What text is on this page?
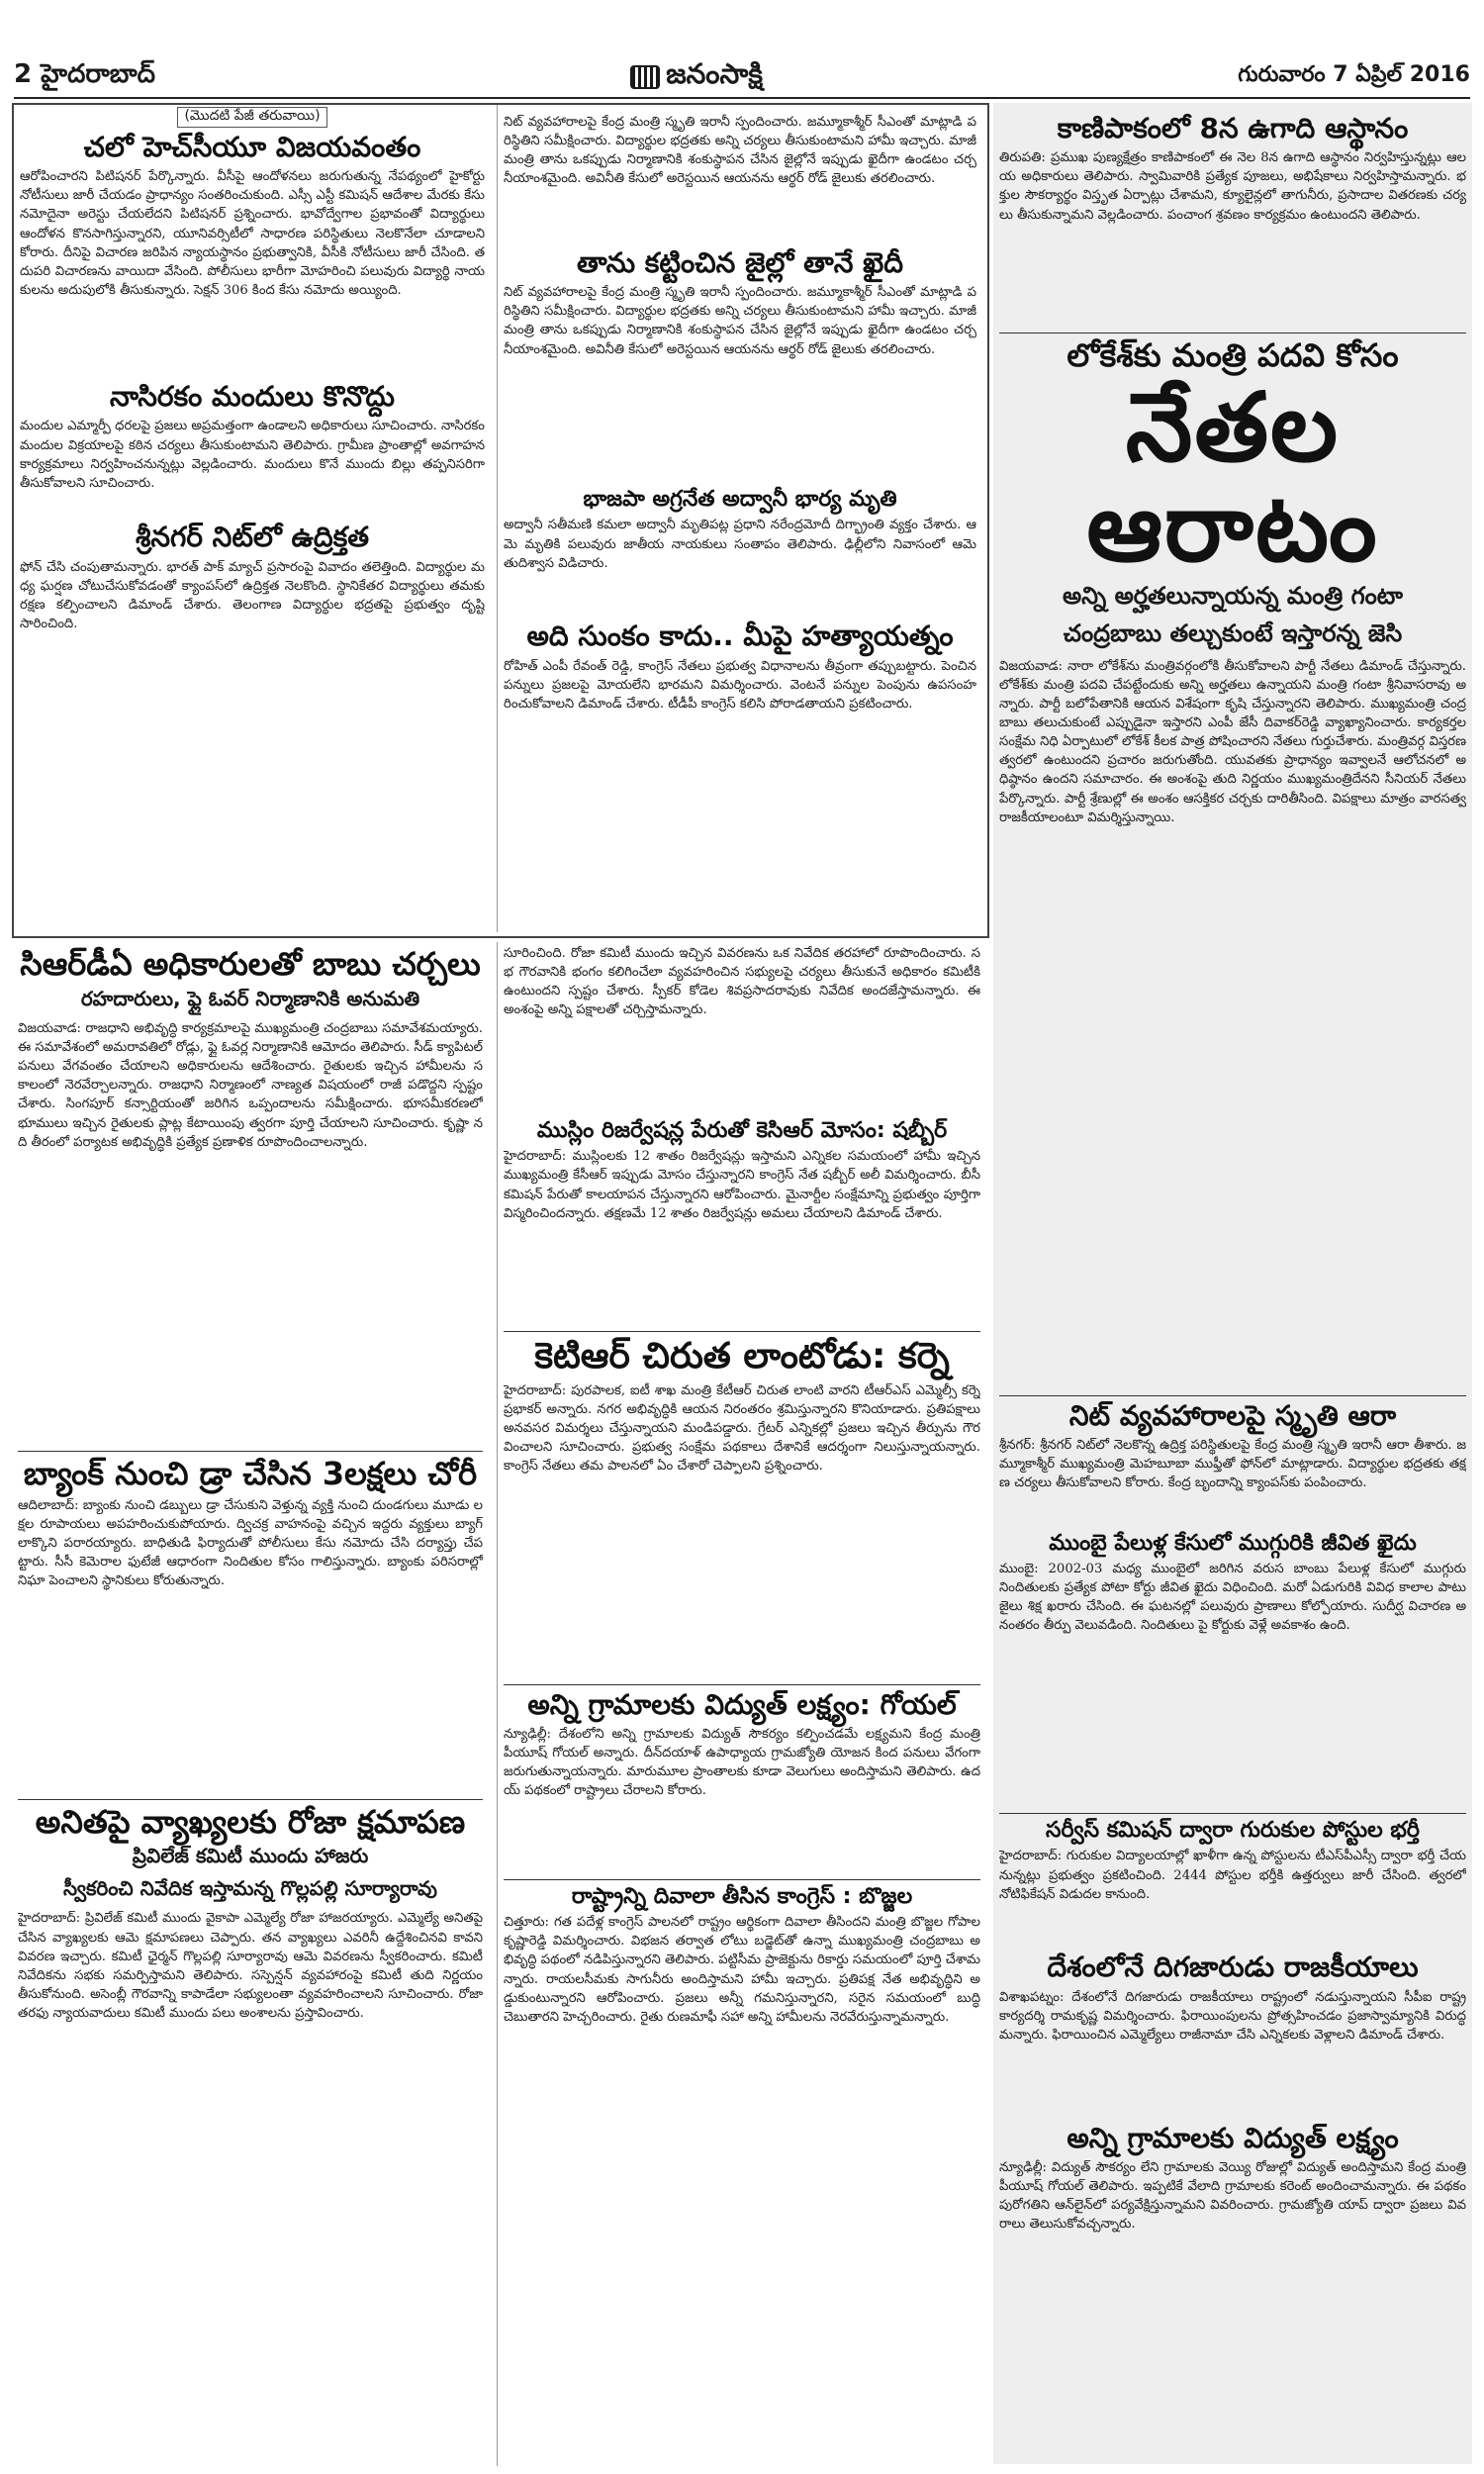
2 హైదరాబాద్	జనంసాక్షి	గురువారం 7 ఏప్రిల్ 2016
(మొదటి పేజీ తరువాయి)
చలో హెచ్‌సీయూ విజయవంతం
ఆరోపించారని పిటిషనర్‌ పేర్కొన్నారు. వీసీపై ఆందోళనలు జరుగుతున్న నేపథ్యంలో హైకోర్టు నోటీసులు జారీ చేయడం ప్రాధాన్యం సంతరించుకుంది. ఎస్సీ ఎస్టీ కమిషన్‌ ఆదేశాల మేరకు కేసు నమోదైనా అరెస్టు చేయలేదని పిటిషనర్‌ ప్రశ్నించారు. భావోద్వేగాల ప్రభావంతో విద్యార్థులు ఆందోళన కొనసాగిస్తున్నారని, యూనివర్సిటీలో సాధారణ పరిస్థితులు నెలకొనేలా చూడాలని కోరారు. దీనిపై విచారణ జరిపిన న్యాయస్థానం ప్రభుత్వానికి, వీసీకి నోటీసులు జారీ చేసింది. తదుపరి విచారణను వాయిదా వేసింది. పోలీసులు భారీగా మోహరించి పలువురు విద్యార్థి నాయకులను అదుపులోకి తీసుకున్నారు. సెక్షన్‌ 306 కింద కేసు నమోదు అయ్యింది.
నాసిరకం మందులు కొనొద్దు
మందుల ఎమ్మార్పీ ధరలపై ప్రజలు అప్రమత్తంగా ఉండాలని అధికారులు సూచించారు. నాసిరకం మందుల విక్రయాలపై కఠిన చర్యలు తీసుకుంటామని తెలిపారు. గ్రామీణ ప్రాంతాల్లో అవగాహన కార్యక్రమాలు నిర్వహించనున్నట్లు వెల్లడించారు. మందులు కొనే ముందు బిల్లు తప్పనిసరిగా తీసుకోవాలని సూచించారు.
శ్రీనగర్‌ నిట్‌లో ఉద్రిక్తత
ఫోన్‌ చేసి చంపుతామన్నారు. భారత్‌ పాక్‌ మ్యాచ్‌ ప్రసారంపై వివాదం తలెత్తింది. విద్యార్థుల మధ్య ఘర్షణ చోటుచేసుకోవడంతో క్యాంపస్‌లో ఉద్రిక్తత నెలకొంది. స్థానికేతర విద్యార్థులు తమకు రక్షణ కల్పించాలని డిమాండ్‌ చేశారు. తెలంగాణ విద్యార్థుల భద్రతపై ప్రభుత్వం దృష్టి సారించింది.
నిట్‌ వ్యవహారాలపై కేంద్ర మంత్రి స్మృతి ఇరానీ స్పందించారు. జమ్మూకాశ్మీర్‌ సీఎంతో మాట్లాడి పరిస్థితిని సమీక్షించారు. విద్యార్థుల భద్రతకు అన్ని చర్యలు తీసుకుంటామని హామీ ఇచ్చారు. మాజీ మంత్రి తాను ఒకప్పుడు నిర్మాణానికి శంకుస్థాపన చేసిన జైల్లోనే ఇప్పుడు ఖైదీగా ఉండటం చర్చనీయాంశమైంది. అవినీతి కేసులో అరెస్టయిన ఆయనను ఆర్థర్‌ రోడ్‌ జైలుకు తరలించారు.
తాను కట్టించిన జైల్లో తానే ఖైదీ
నిట్‌ వ్యవహారాలపై కేంద్ర మంత్రి స్మృతి ఇరానీ స్పందించారు. జమ్మూకాశ్మీర్‌ సీఎంతో మాట్లాడి పరిస్థితిని సమీక్షించారు. విద్యార్థుల భద్రతకు అన్ని చర్యలు తీసుకుంటామని హామీ ఇచ్చారు. మాజీ మంత్రి తాను ఒకప్పుడు నిర్మాణానికి శంకుస్థాపన చేసిన జైల్లోనే ఇప్పుడు ఖైదీగా ఉండటం చర్చనీయాంశమైంది. అవినీతి కేసులో అరెస్టయిన ఆయనను ఆర్థర్‌ రోడ్‌ జైలుకు తరలించారు.
భాజపా అగ్రనేత అద్వానీ భార్య మృతి
అద్వానీ సతీమణి కమలా అద్వానీ మృతిపట్ల ప్రధాని నరేంద్రమోదీ దిగ్భ్రాంతి వ్యక్తం చేశారు. ఆమె మృతికి పలువురు జాతీయ నాయకులు సంతాపం తెలిపారు. ఢిల్లీలోని నివాసంలో ఆమె తుదిశ్వాస విడిచారు.
అది సుంకం కాదు.. మీపై హత్యాయత్నం
రోహిత్‌ ఎంపీ రేవంత్‌ రెడ్డి, కాంగ్రెస్‌ నేతలు ప్రభుత్వ విధానాలను తీవ్రంగా తప్పుబట్టారు. పెంచిన పన్నులు ప్రజలపై మోయలేని భారమని విమర్శించారు. వెంటనే పన్నుల పెంపును ఉపసంహరించుకోవాలని డిమాండ్‌ చేశారు. టీడీపీ కాంగ్రెస్‌ కలిసి పోరాడతాయని ప్రకటించారు.
సిఆర్‌డీఏ అధికారులతో బాబు చర్చలు
రహదారులు, ఫ్లై ఓవర్‌ నిర్మాణానికి అనుమతి
విజయవాడ: రాజధాని అభివృద్ధి కార్యక్రమాలపై ముఖ్యమంత్రి చంద్రబాబు సమావేశమయ్యారు. ఈ సమావేశంలో అమరావతిలో రోడ్లు, ఫ్లై ఓవర్ల నిర్మాణానికి ఆమోదం తెలిపారు. సీడ్‌ క్యాపిటల్‌ పనులు వేగవంతం చేయాలని అధికారులను ఆదేశించారు. రైతులకు ఇచ్చిన హామీలను సకాలంలో నెరవేర్చాలన్నారు. రాజధాని నిర్మాణంలో నాణ్యత విషయంలో రాజీ పడొద్దని స్పష్టం చేశారు. సింగపూర్‌ కన్సార్టియంతో జరిగిన ఒప్పందాలను సమీక్షించారు. భూసమీకరణలో భూములు ఇచ్చిన రైతులకు ప్లాట్ల కేటాయింపు త్వరగా పూర్తి చేయాలని సూచించారు. కృష్ణా నది తీరంలో పర్యాటక అభివృద్ధికి ప్రత్యేక ప్రణాళిక రూపొందించాలన్నారు.
బ్యాంక్‌ నుంచి డ్రా చేసిన 3లక్షలు చోరీ
ఆదిలాబాద్‌: బ్యాంకు నుంచి డబ్బులు డ్రా చేసుకుని వెళ్తున్న వ్యక్తి నుంచి దుండగులు మూడు లక్షల రూపాయలు అపహరించుకుపోయారు. ద్విచక్ర వాహనంపై వచ్చిన ఇద్దరు వ్యక్తులు బ్యాగ్‌ లాక్కొని పరారయ్యారు. బాధితుడి ఫిర్యాదుతో పోలీసులు కేసు నమోదు చేసి దర్యాప్తు చేపట్టారు. సీసీ కెమెరాల ఫుటేజీ ఆధారంగా నిందితుల కోసం గాలిస్తున్నారు. బ్యాంకు పరిసరాల్లో నిఘా పెంచాలని స్థానికులు కోరుతున్నారు.
అనితపై వ్యాఖ్యలకు రోజా క్షమాపణ
ప్రివిలేజ్‌ కమిటీ ముందు హాజరు
స్వీకరించి నివేదిక ఇస్తామన్న గొల్లపల్లి సూర్యారావు
హైదరాబాద్‌: ప్రివిలేజ్‌ కమిటీ ముందు వైకాపా ఎమ్మెల్యే రోజా హాజరయ్యారు. ఎమ్మెల్యే అనితపై చేసిన వ్యాఖ్యలకు ఆమె క్షమాపణలు చెప్పారు. తన వ్యాఖ్యలు ఎవరినీ ఉద్దేశించినవి కావని వివరణ ఇచ్చారు. కమిటీ ఛైర్మన్‌ గొల్లపల్లి సూర్యారావు ఆమె వివరణను స్వీకరించారు. కమిటీ నివేదికను సభకు సమర్పిస్తామని తెలిపారు. సస్పెన్షన్‌ వ్యవహారంపై కమిటీ తుది నిర్ణయం తీసుకోనుంది. అసెంబ్లీ గౌరవాన్ని కాపాడేలా సభ్యులంతా వ్యవహరించాలని సూచించారు. రోజా తరఫు న్యాయవాదులు కమిటీ ముందు పలు అంశాలను ప్రస్తావించారు.
సూరించింది. రోజా కమిటీ ముందు ఇచ్చిన వివరణను ఒక నివేదిక తరహాలో రూపొందించారు. సభ గౌరవానికి భంగం కలిగించేలా వ్యవహరించిన సభ్యులపై చర్యలు తీసుకునే అధికారం కమిటీకి ఉంటుందని స్పష్టం చేశారు. స్పీకర్‌ కోడెల శివప్రసాదరావుకు నివేదిక అందజేస్తామన్నారు. ఈ అంశంపై అన్ని పక్షాలతో చర్చిస్తామన్నారు.
ముస్లిం రిజర్వేషన్ల పేరుతో కెసిఆర్‌ మోసం: షబ్బీర్‌
హైదరాబాద్‌: ముస్లింలకు 12 శాతం రిజర్వేషన్లు ఇస్తామని ఎన్నికల సమయంలో హామీ ఇచ్చిన ముఖ్యమంత్రి కేసీఆర్‌ ఇప్పుడు మోసం చేస్తున్నారని కాంగ్రెస్‌ నేత షబ్బీర్‌ అలీ విమర్శించారు. బీసీ కమిషన్‌ పేరుతో కాలయాపన చేస్తున్నారని ఆరోపించారు. మైనార్టీల సంక్షేమాన్ని ప్రభుత్వం పూర్తిగా విస్మరించిందన్నారు. తక్షణమే 12 శాతం రిజర్వేషన్లు అమలు చేయాలని డిమాండ్‌ చేశారు.
కెటిఆర్‌ చిరుత లాంటోడు: కర్నె
హైదరాబాద్‌: పురపాలక, ఐటీ శాఖ మంత్రి కేటీఆర్‌ చిరుత లాంటి వారని టీఆర్‌ఎస్‌ ఎమ్మెల్సీ కర్నె ప్రభాకర్‌ అన్నారు. నగర అభివృద్ధికి ఆయన నిరంతరం శ్రమిస్తున్నారని కొనియాడారు. ప్రతిపక్షాలు అనవసర విమర్శలు చేస్తున్నాయని మండిపడ్డారు. గ్రేటర్‌ ఎన్నికల్లో ప్రజలు ఇచ్చిన తీర్పును గౌరవించాలని సూచించారు. ప్రభుత్వ సంక్షేమ పథకాలు దేశానికే ఆదర్శంగా నిలుస్తున్నాయన్నారు. కాంగ్రెస్‌ నేతలు తమ పాలనలో ఏం చేశారో చెప్పాలని ప్రశ్నించారు.
అన్ని గ్రామాలకు విద్యుత్‌ లక్ష్యం: గోయల్‌
న్యూఢిల్లీ: దేశంలోని అన్ని గ్రామాలకు విద్యుత్‌ సౌకర్యం కల్పించడమే లక్ష్యమని కేంద్ర మంత్రి పీయూష్‌ గోయల్‌ అన్నారు. దీన్‌దయాళ్‌ ఉపాధ్యాయ గ్రామజ్యోతి యోజన కింద పనులు వేగంగా జరుగుతున్నాయన్నారు. మారుమూల ప్రాంతాలకు కూడా వెలుగులు అందిస్తామని తెలిపారు. ఉదయ్‌ పథకంలో రాష్ట్రాలు చేరాలని కోరారు.
రాష్ట్రాన్ని దివాలా తీసిన కాంగ్రెస్‌ : బొజ్జల
చిత్తూరు: గత పదేళ్ల కాంగ్రెస్‌ పాలనలో రాష్ట్రం ఆర్థికంగా దివాలా తీసిందని మంత్రి బొజ్జల గోపాలకృష్ణారెడ్డి విమర్శించారు. విభజన తర్వాత లోటు బడ్జెట్‌తో ఉన్నా ముఖ్యమంత్రి చంద్రబాబు అభివృద్ధి పథంలో నడిపిస్తున్నారని తెలిపారు. పట్టిసీమ ప్రాజెక్టును రికార్డు సమయంలో పూర్తి చేశామన్నారు. రాయలసీమకు సాగునీరు అందిస్తామని హామీ ఇచ్చారు. ప్రతిపక్ష నేత అభివృద్ధిని అడ్డుకుంటున్నారని ఆరోపించారు. ప్రజలు అన్నీ గమనిస్తున్నారని, సరైన సమయంలో బుద్ధి చెబుతారని హెచ్చరించారు. రైతు రుణమాఫీ సహా అన్ని హామీలను నెరవేరుస్తున్నామన్నారు.
కాణిపాకంలో 8న ఉగాది ఆస్థానం
తిరుపతి: ప్రముఖ పుణ్యక్షేత్రం కాణిపాకంలో ఈ నెల 8న ఉగాది ఆస్థానం నిర్వహిస్తున్నట్లు ఆలయ అధికారులు తెలిపారు. స్వామివారికి ప్రత్యేక పూజలు, అభిషేకాలు నిర్వహిస్తామన్నారు. భక్తుల సౌకర్యార్థం విస్తృత ఏర్పాట్లు చేశామని, క్యూలైన్లలో తాగునీరు, ప్రసాదాల వితరణకు చర్యలు తీసుకున్నామని వెల్లడించారు. పంచాంగ శ్రవణం కార్యక్రమం ఉంటుందని తెలిపారు.
లోకేశ్‌కు మంత్రి పదవి కోసం
నేతల ఆరాటం
అన్ని అర్హతలున్నాయన్న మంత్రి గంటా
చంద్రబాబు తల్చుకుంటే ఇస్తారన్న జెసి
విజయవాడ: నారా లోకేశ్‌ను మంత్రివర్గంలోకి తీసుకోవాలని పార్టీ నేతలు డిమాండ్‌ చేస్తున్నారు. లోకేశ్‌కు మంత్రి పదవి చేపట్టేందుకు అన్ని అర్హతలు ఉన్నాయని మంత్రి గంటా శ్రీనివాసరావు అన్నారు. పార్టీ బలోపేతానికి ఆయన విశేషంగా కృషి చేస్తున్నారని తెలిపారు. ముఖ్యమంత్రి చంద్రబాబు తలుచుకుంటే ఎప్పుడైనా ఇస్తారని ఎంపీ జేసీ దివాకర్‌రెడ్డి వ్యాఖ్యానించారు. కార్యకర్తల సంక్షేమ నిధి ఏర్పాటులో లోకేశ్‌ కీలక పాత్ర పోషించారని నేతలు గుర్తుచేశారు. మంత్రివర్గ విస్తరణ త్వరలో ఉంటుందని ప్రచారం జరుగుతోంది. యువతకు ప్రాధాన్యం ఇవ్వాలనే ఆలోచనలో అధిష్ఠానం ఉందని సమాచారం. ఈ అంశంపై తుది నిర్ణయం ముఖ్యమంత్రిదేనని సీనియర్‌ నేతలు పేర్కొన్నారు. పార్టీ శ్రేణుల్లో ఈ అంశం ఆసక్తికర చర్చకు దారితీసింది. విపక్షాలు మాత్రం వారసత్వ రాజకీయాలంటూ విమర్శిస్తున్నాయి.
నిట్‌ వ్యవహారాలపై స్మృతి ఆరా
శ్రీనగర్‌: శ్రీనగర్‌ నిట్‌లో నెలకొన్న ఉద్రిక్త పరిస్థితులపై కేంద్ర మంత్రి స్మృతి ఇరానీ ఆరా తీశారు. జమ్మూకాశ్మీర్‌ ముఖ్యమంత్రి మెహబూబా ముఫ్తీతో ఫోన్‌లో మాట్లాడారు. విద్యార్థుల భద్రతకు తక్షణ చర్యలు తీసుకోవాలని కోరారు. కేంద్ర బృందాన్ని క్యాంపస్‌కు పంపించారు.
ముంబై పేలుళ్ల కేసులో ముగ్గురికి జీవిత ఖైదు
ముంబై: 2002-03 మధ్య ముంబైలో జరిగిన వరుస బాంబు పేలుళ్ల కేసులో ముగ్గురు నిందితులకు ప్రత్యేక పోటా కోర్టు జీవిత ఖైదు విధించింది. మరో ఏడుగురికి వివిధ కాలాల పాటు జైలు శిక్ష ఖరారు చేసింది. ఈ ఘటనల్లో పలువురు ప్రాణాలు కోల్పోయారు. సుదీర్ఘ విచారణ అనంతరం తీర్పు వెలువడింది. నిందితులు పై కోర్టుకు వెళ్లే అవకాశం ఉంది.
సర్వీస్‌ కమిషన్‌ ద్వారా గురుకుల పోస్టుల భర్తీ
హైదరాబాద్‌: గురుకుల విద్యాలయాల్లో ఖాళీగా ఉన్న పోస్టులను టీఎస్‌పీఎస్సీ ద్వారా భర్తీ చేయనున్నట్లు ప్రభుత్వం ప్రకటించింది. 2444 పోస్టుల భర్తీకి ఉత్తర్వులు జారీ చేసింది. త్వరలో నోటిఫికేషన్‌ విడుదల కానుంది.
దేశంలోనే దిగజారుడు రాజకీయాలు
విశాఖపట్నం: దేశంలోనే దిగజారుడు రాజకీయాలు రాష్ట్రంలో నడుస్తున్నాయని సీపీఐ రాష్ట్ర కార్యదర్శి రామకృష్ణ విమర్శించారు. ఫిరాయింపులను ప్రోత్సహించడం ప్రజాస్వామ్యానికి విరుద్ధమన్నారు. ఫిరాయించిన ఎమ్మెల్యేలు రాజీనామా చేసి ఎన్నికలకు వెళ్లాలని డిమాండ్‌ చేశారు.
అన్ని గ్రామాలకు విద్యుత్‌ లక్ష్యం
న్యూఢిల్లీ: విద్యుత్‌ సౌకర్యం లేని గ్రామాలకు వెయ్యి రోజుల్లో విద్యుత్‌ అందిస్తామని కేంద్ర మంత్రి పీయూష్‌ గోయల్‌ తెలిపారు. ఇప్పటికే వేలాది గ్రామాలకు కరెంట్‌ అందించామన్నారు. ఈ పథకం పురోగతిని ఆన్‌లైన్‌లో పర్యవేక్షిస్తున్నామని వివరించారు. గ్రామజ్యోతి యాప్‌ ద్వారా ప్రజలు వివరాలు తెలుసుకోవచ్చన్నారు.
